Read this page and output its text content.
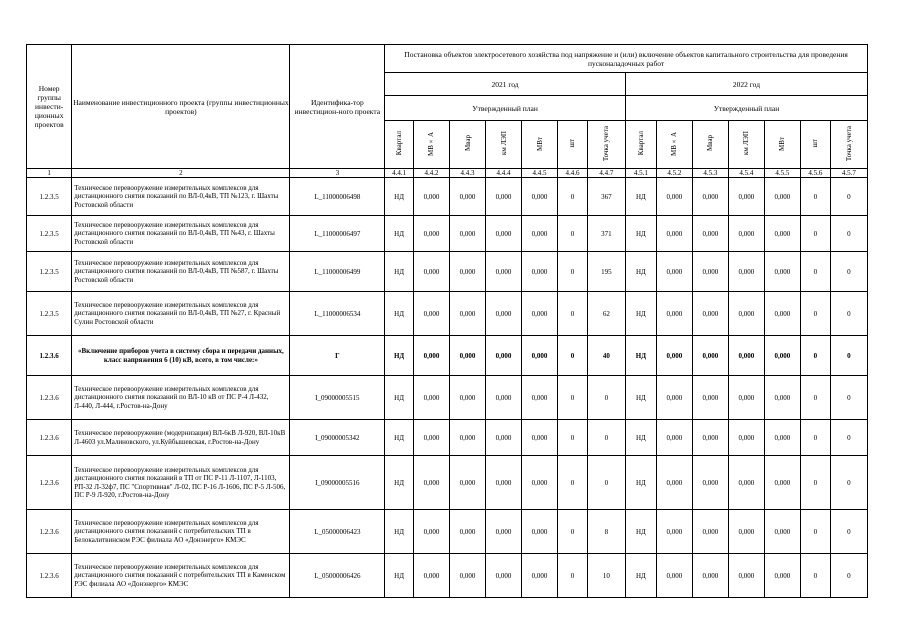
Номер группы инвести-ционных проектов	Наименование инвестиционного проекта (группы инвестиционных проектов)	Идентифика-тор инвестицион-ного проекта	Постановка объектов электросетевого хозяйства под напряжение и (или) включение объектов капитального строительства для проведения пусконаладочных работ													
			2021 год							2022 год						
			Утвержденный план							Утвержденный план						
			Квартал	МВ×А	Мвар	км ЛЭП	МВт	шт	Точка учета	Квартал	МВ×А	Мвар	км ЛЭП	МВт	шт	Точка учета
1	2	3	4.4.1	4.4.2	4.4.3	4.4.4	4.4.5	4.4.6	4.4.7	4.5.1	4.5.2	4.5.3	4.5.4	4.5.5	4.5.6	4.5.7
1.2.3.5	Техническое перевооружение измерительных комплексов для дистанционного снятия показаний по ВЛ-0,4кВ, ТП №123, г. Шахты Ростовской области	L_11000006498	НД	0,000	0,000	0,000	0,000	0	367	НД	0,000	0,000	0,000	0,000	0	0
1.2.3.5	Техническое перевооружение измерительных комплексов для дистанционного снятия показаний по ВЛ-0,4кВ, ТП №43, г. Шахты Ростовской области	L_11000006497	НД	0,000	0,000	0,000	0,000	0	371	НД	0,000	0,000	0,000	0,000	0	0
1.2.3.5	Техническое перевооружение измерительных комплексов для дистанционного снятия показаний по ВЛ-0,4кВ, ТП №587, г. Шахты Ростовской области	L_11000006499	НД	0,000	0,000	0,000	0,000	0	195	НД	0,000	0,000	0,000	0,000	0	0
1.2.3.5	Техническое перевооружение измерительных комплексов для дистанционного снятия показаний по ВЛ-0,4кВ, ТП №27, г. Красный Сулин Ростовской области	L_11000006534	НД	0,000	0,000	0,000	0,000	0	62	НД	0,000	0,000	0,000	0,000	0	0
1.2.3.6	«Включение приборов учета в систему сбора и передачи данных, класс напряжения 6 (10) кВ, всего, в том числе:»	Г	НД	0,000	0,000	0,000	0,000	0	40	НД	0,000	0,000	0,000	0,000	0	0
1.2.3.6	Техническое перевооружение измерительных комплексов для дистанционного снятия показаний по ВЛ-10 кВ от ПС Р-4 Л-432, Л-440, Л-444, г.Ростов-на-Дону	I_09000005515	НД	0,000	0,000	0,000	0,000	0	0	НД	0,000	0,000	0,000	0,000	0	0
1.2.3.6	Техническое перевооружение (модернизация) ВЛ-6кВ Л-920, ВЛ-10кВ Л-4603 ул.Малиновского, ул.Куйбышевская, г.Ростов-на-Дону	I_09000005342	НД	0,000	0,000	0,000	0,000	0	0	НД	0,000	0,000	0,000	0,000	0	0
1.2.3.6	Техническое перевооружение измерительных комплексов для дистанционного снятия показаний в ТП от ПС Р-11 Л-1107, Л-1103, РП-32 Л-32ф7, ПС "Спортивная" Л-02, ПС Р-16 Л-1606, ПС Р-5 Л-506, ПС Р-9 Л-920, г.Ростов-на-Дону	I_09000005516	НД	0,000	0,000	0,000	0,000	0	0	НД	0,000	0,000	0,000	0,000	0	0
1.2.3.6	Техническое перевооружение измерительных комплексов для дистанционного снятия показаний с потребительских ТП в Белокалитвинском РЭС филиала АО «Донэнерго» КМЭС	L_05000006423	НД	0,000	0,000	0,000	0,000	0	8	НД	0,000	0,000	0,000	0,000	0	0
1.2.3.6	Техническое перевооружение измерительных комплексов для дистанционного снятия показаний с потребительских ТП в Каменском РЭС филиала АО «Донэнерго» КМЭС	L_05000006426	НД	0,000	0,000	0,000	0,000	0	10	НД	0,000	0,000	0,000	0,000	0	0
